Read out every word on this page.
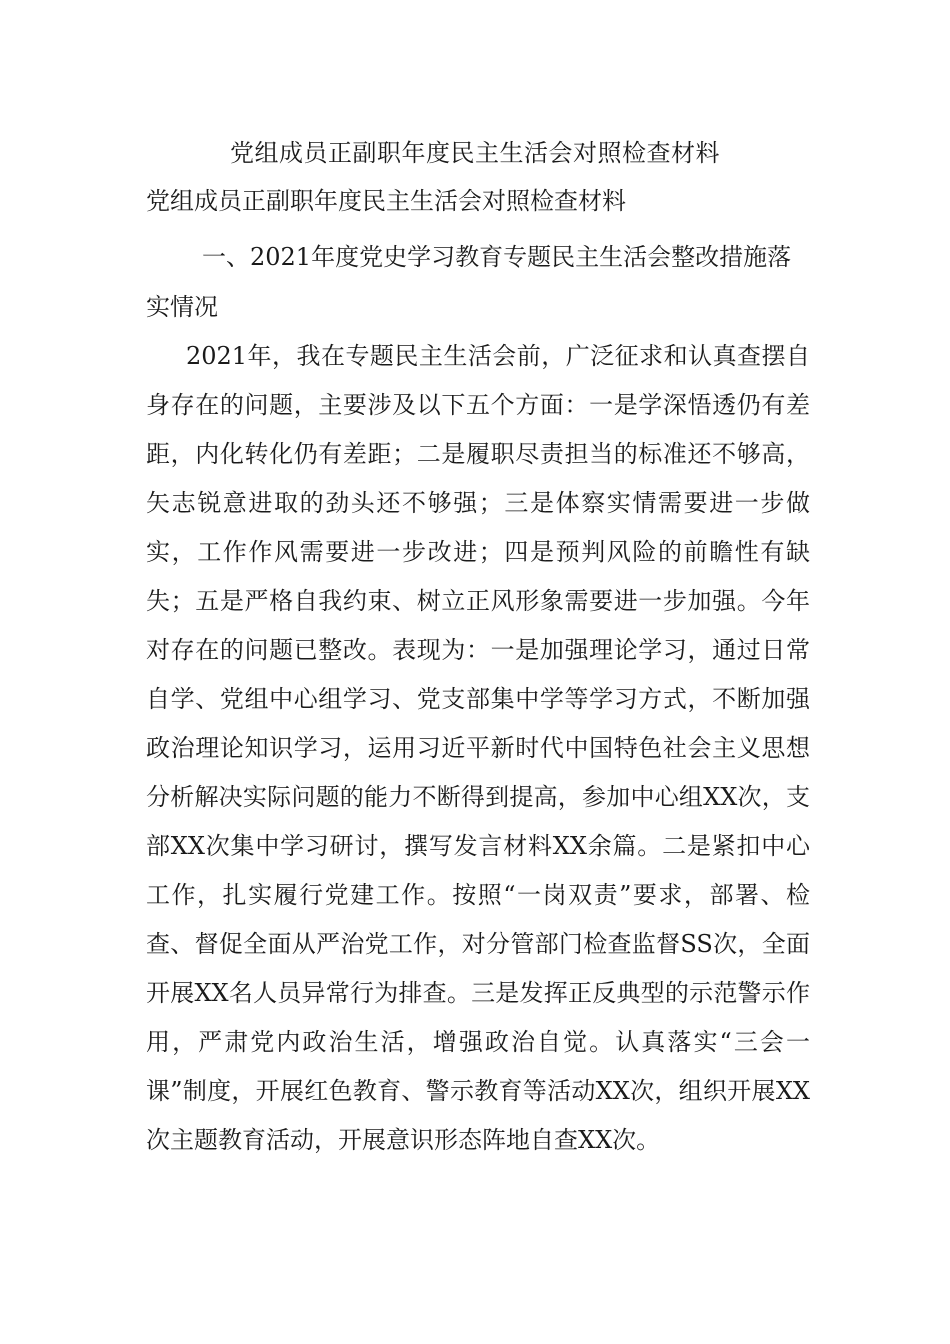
党组成员正副职年度民主生活会对照检查材料
党组成员正副职年度民主生活会对照检查材料
一、2021年度党史学习教育专题民主生活会整改措施落实情况
2021年，我在专题民主生活会前，广泛征求和认真查摆自身存在的问题，主要涉及以下五个方面：一是学深悟透仍有差距，内化转化仍有差距；二是履职尽责担当的标准还不够高，矢志锐意进取的劲头还不够强；三是体察实情需要进一步做实，工作作风需要进一步改进；四是预判风险的前瞻性有缺失；五是严格自我约束、树立正风形象需要进一步加强。今年对存在的问题已整改。表现为：一是加强理论学习，通过日常自学、党组中心组学习、党支部集中学等学习方式，不断加强政治理论知识学习，运用习近平新时代中国特色社会主义思想分析解决实际问题的能力不断得到提高，参加中心组XX次，支部XX次集中学习研讨，撰写发言材料XX余篇。二是紧扣中心工作，扎实履行党建工作。按照“一岗双责”要求，部署、检查、督促全面从严治党工作，对分管部门检查监督SS次，全面开展XX名人员异常行为排查。三是发挥正反典型的示范警示作用，严肃党内政治生活，增强政治自觉。认真落实“三会一课”制度，开展红色教育、警示教育等活动XX次，组织开展XX次主题教育活动，开展意识形态阵地自查XX次。
